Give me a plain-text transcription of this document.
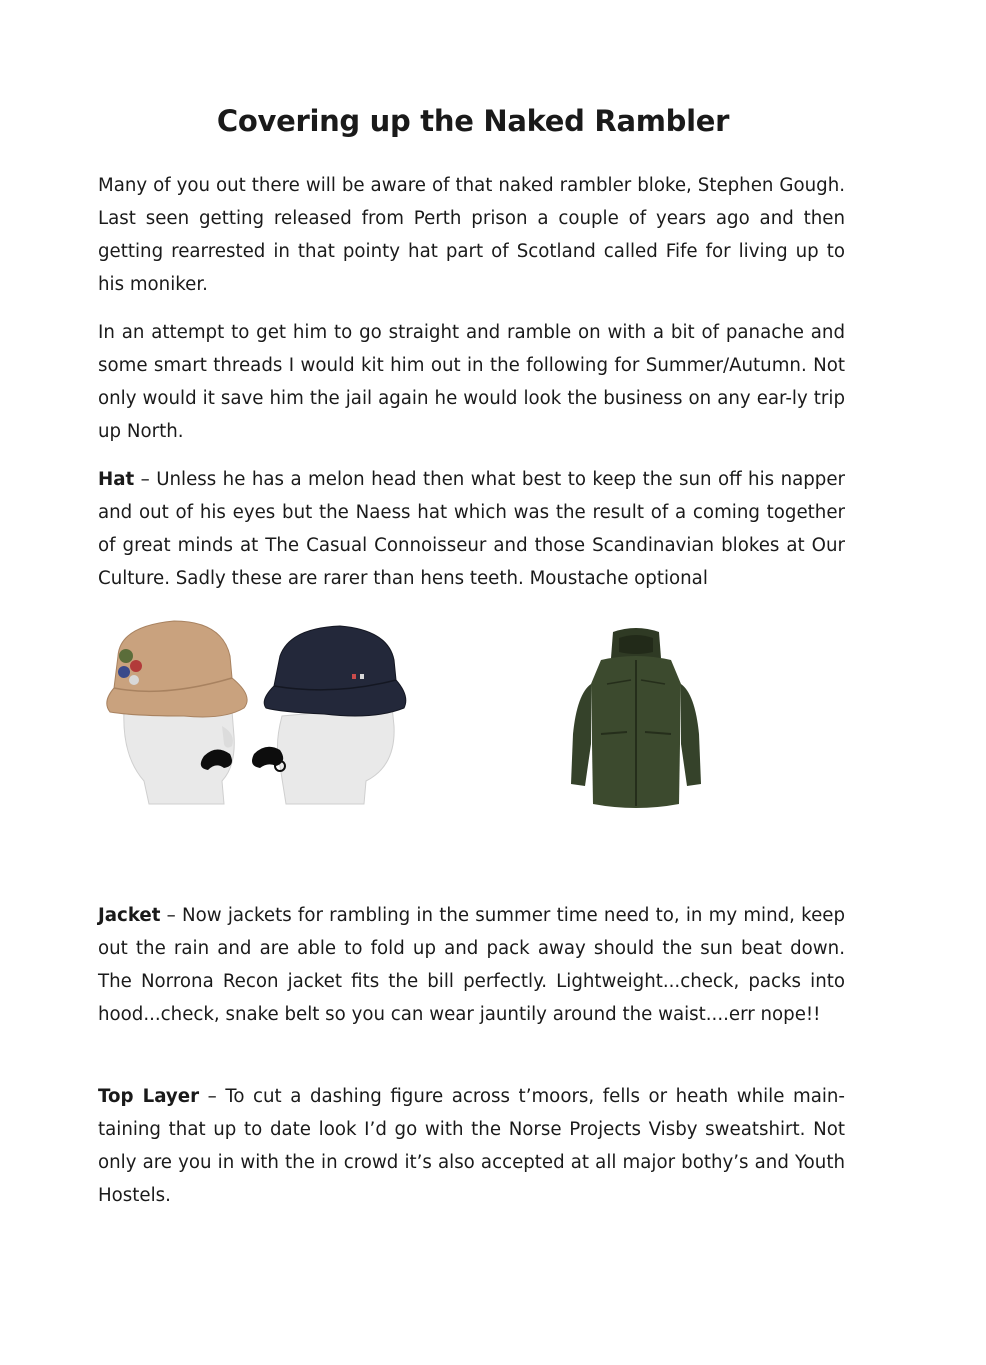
Covering up the Naked Rambler

Many of you out there will be aware of that naked rambler bloke, Stephen Gough. Last seen getting released from Perth prison a couple of years ago and then getting rearrested in that pointy hat part of Scotland called Fife for living up to his moniker.

In an attempt to get him to go straight and ramble on with a bit of panache and some smart threads I would kit him out in the following for Summer/Autumn. Not only would it save him the jail again he would look the business on any ear-ly trip up North.

Hat – Unless he has a melon head then what best to keep the sun off his napper and out of his eyes but the Naess hat which was the result of a coming together of great minds at The Casual Connoisseur and those Scandinavian blokes at Our Culture. Sadly these are rarer than hens teeth. Moustache optional

Jacket – Now jackets for rambling in the summer time need to, in my mind, keep out the rain and are able to fold up and pack away should the sun beat down. The Norrona Recon jacket fits the bill perfectly. Lightweight...check, packs into hood...check, snake belt so you can wear jauntily around the waist....err nope!!

Top Layer – To cut a dashing figure across t’moors, fells or heath while main-taining that up to date look I’d go with the Norse Projects Visby sweatshirt. Not only are you in with the in crowd it’s also accepted at all major bothy’s and Youth Hostels.
